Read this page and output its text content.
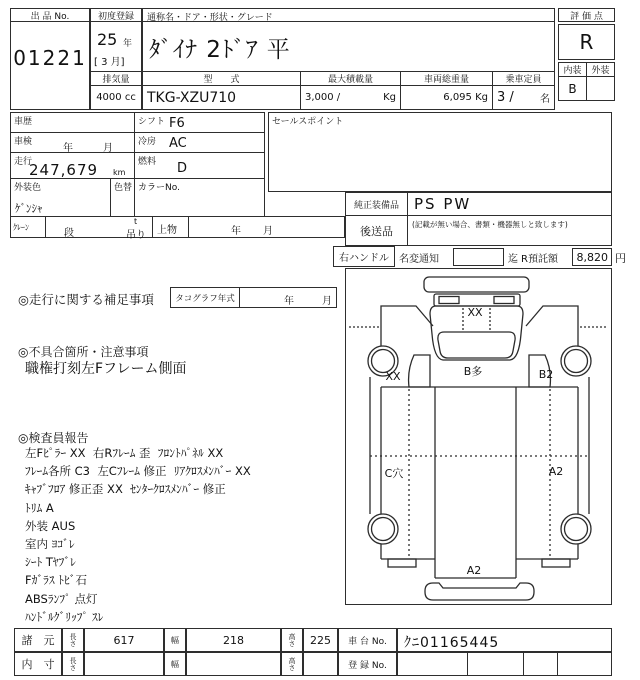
出 品 No.
01221
初度登録
25 年
[ 3 月]
通称名・ドア・形状・グレード
ﾀﾞｲﾅ 2ﾄﾞｱ 平
排気量
4000 cc
型　　式
TKG-XZU710
最大積載量
3,000 /	Kg
車両総重量
6,095 Kg
乗車定員
3 /	名
評 価 点
R
内装 外装
B
車歴	シフト F6
車検
年	月
冷房 AC
走行
247,679 km
燃料 D
外装色
ｹﾞﾝｼｬ
色替 カラーNo.
ｸﾚｰﾝ
段
t
吊り 上物	年 月
セールスポイント
純正装備品 PS PW
後送品	(記載が無い場合、書類・機器無しと致します)
右ハンドル 名変通知	迄 R預託額 8,820 円
◎走行に関する補足事項	タコグラフ年式	年	月
◎不具合箇所・注意事項
職権打刻左Fフレーム側面
◎検査員報告
左Fﾋﾟﾗｰ XX  右Rﾌﾚｰﾑ 歪  ﾌﾛﾝﾄﾊﾟﾈﾙ XX
ﾌﾚｰﾑ各所 C3  左Cﾌﾚｰﾑ 修正  ﾘｱｸﾛｽﾒﾝﾊﾞｰ XX
ｷｬﾌﾞﾌﾛｱ 修正歪 XX  ｾﾝﾀｰｸﾛｽﾒﾝﾊﾞｰ 修正
ﾄﾘﾑ A
外装 AUS
室内 ﾖｺﾞﾚ
ｼｰﾄ Tﾔﾌﾞﾚ
Fｶﾞﾗｽ ﾄﾋﾞ石
ABSﾗﾝﾌﾟ 点灯
ﾊﾝﾄﾞﾙｸﾞﾘｯﾌﾟ ｽﾚ
XX
B多
XX	B2
C穴	A2
A2
諸　元 長さ	617	幅	218	高さ 225 車 台 No. ｸﾆ01165445
内　寸 長さ	幅	高さ	登 録 No.
